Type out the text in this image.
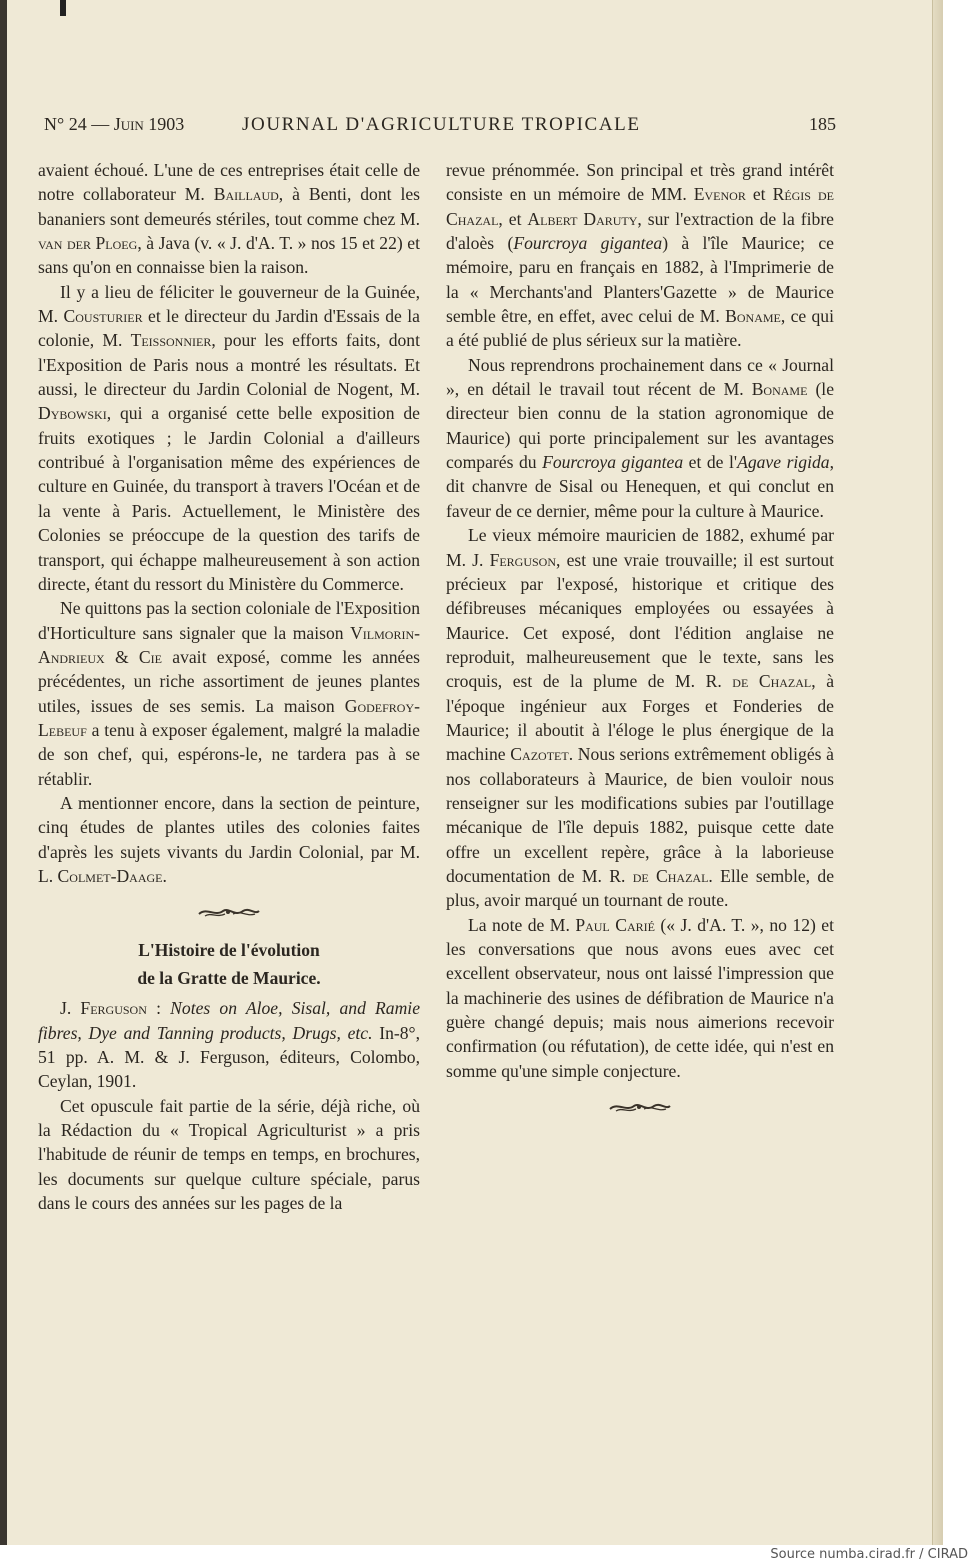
N° 24 — Juin 1903	JOURNAL D'AGRICULTURE TROPICALE	185

avaient échoué. L'une de ces entreprises était celle de notre collaborateur M. Baillaud, à Benti, dont les bananiers sont demeurés stériles, tout comme chez M. van der Ploeg, à Java (v. « J. d'A. T. » nos 15 et 22) et sans qu'on en connaisse bien la raison.

Il y a lieu de féliciter le gouverneur de la Guinée, M. Cousturier et le directeur du Jardin d'Essais de la colonie, M. Teissonnier, pour les efforts faits, dont l'Exposition de Paris nous a montré les résultats. Et aussi, le directeur du Jardin Colonial de Nogent, M. Dybowski, qui a organisé cette belle exposition de fruits exotiques ; le Jardin Colonial a d'ailleurs contribué à l'organisation même des expériences de culture en Guinée, du transport à travers l'Océan et de la vente à Paris. Actuellement, le Ministère des Colonies se préoccupe de la question des tarifs de transport, qui échappe malheureusement à son action directe, étant du ressort du Ministère du Commerce.

Ne quittons pas la section coloniale de l'Exposition d'Horticulture sans signaler que la maison Vilmorin-Andrieux & Cie avait exposé, comme les années précédentes, un riche assortiment de jeunes plantes utiles, issues de ses semis. La maison Godefroy-Lebeuf a tenu à exposer également, malgré la maladie de son chef, qui, espérons-le, ne tardera pas à se rétablir.

A mentionner encore, dans la section de peinture, cinq études de plantes utiles des colonies faites d'après les sujets vivants du Jardin Colonial, par M. L. Colmet-Daage.

L'Histoire de l'évolution
de la Gratte de Maurice.

J. Ferguson : Notes on Aloe, Sisal, and Ramie fibres, Dye and Tanning products, Drugs, etc. In-8°, 51 pp. A. M. & J. Ferguson, éditeurs, Colombo, Ceylan, 1901.

Cet opuscule fait partie de la série, déjà riche, où la Rédaction du « Tropical Agriculturist » a pris l'habitude de réunir de temps en temps, en brochures, les documents sur quelque culture spéciale, parus dans le cours des années sur les pages de la

revue prénommée. Son principal et très grand intérêt consiste en un mémoire de MM. Evenor et Régis de Chazal, et Albert Daruty, sur l'extraction de la fibre d'aloès (Fourcroya gigantea) à l'île Maurice; ce mémoire, paru en français en 1882, à l'Imprimerie de la « Merchants'and Planters'Gazette » de Maurice semble être, en effet, avec celui de M. Boname, ce qui a été publié de plus sérieux sur la matière.

Nous reprendrons prochainement dans ce « Journal », en détail le travail tout récent de M. Boname (le directeur bien connu de la station agronomique de Maurice) qui porte principalement sur les avantages comparés du Fourcroya gigantea et de l'Agave rigida, dit chanvre de Sisal ou Henequen, et qui conclut en faveur de ce dernier, même pour la culture à Maurice.

Le vieux mémoire mauricien de 1882, exhumé par M. J. Ferguson, est une vraie trouvaille; il est surtout précieux par l'exposé, historique et critique des défibreuses mécaniques employées ou essayées à Maurice. Cet exposé, dont l'édition anglaise ne reproduit, malheureusement que le texte, sans les croquis, est de la plume de M. R. de Chazal, à l'époque ingénieur aux Forges et Fonderies de Maurice; il aboutit à l'éloge le plus énergique de la machine Cazotet. Nous serions extrêmement obligés à nos collaborateurs à Maurice, de bien vouloir nous renseigner sur les modifications subies par l'outillage mécanique de l'île depuis 1882, puisque cette date offre un excellent repère, grâce à la laborieuse documentation de M. R. de Chazal. Elle semble, de plus, avoir marqué un tournant de route.

La note de M. Paul Carié (« J. d'A. T. », no 12) et les conversations que nous avons eues avec cet excellent observateur, nous ont laissé l'impression que la machinerie des usines de défibration de Maurice n'a guère changé depuis; mais nous aimerions recevoir confirmation (ou réfutation), de cette idée, qui n'est en somme qu'une simple conjecture.

Source numba.cirad.fr / CIRAD
